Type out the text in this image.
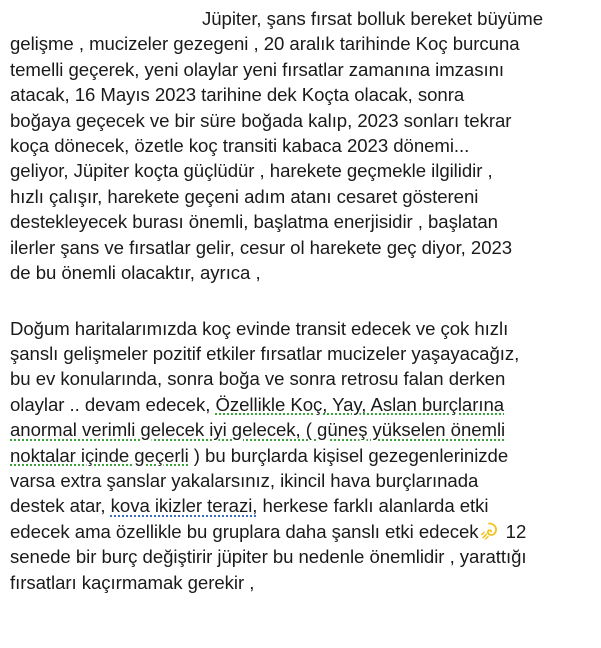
Jüpiter, şans fırsat bolluk bereket büyüme
gelişme , mucizeler gezegeni , 20 aralık tarihinde Koç burcuna
temelli geçerek, yeni olaylar yeni fırsatlar zamanına imzasını
atacak, 16 Mayıs 2023 tarihine dek Koçta olacak, sonra
boğaya geçecek ve bir süre boğada kalıp, 2023 sonları tekrar
koça dönecek, özetle koç transiti kabaca 2023 dönemi...
geliyor, Jüpiter koçta güçlüdür , harekete geçmekle ilgilidir ,
hızlı çalışır, harekete geçeni adım atanı cesaret göstereni
destekleyecek burası önemli, başlatma enerjisidir , başlatan
ilerler şans ve fırsatlar gelir, cesur ol harekete geç diyor, 2023
de bu önemli olacaktır, ayrıca ,
Doğum haritalarımızda koç evinde transit edecek ve çok hızlı
şanslı gelişmeler pozitif etkiler fırsatlar mucizeler yaşayacağız,
bu ev konularında, sonra boğa ve sonra retrosu falan derken
olaylar .. devam edecek, Özellikle Koç, Yay, Aslan burçlarına
anormal verimli gelecek iyi gelecek, ( güneş yükselen önemli
noktalar içinde geçerli ) bu burçlarda kişisel gezegenlerinizde
varsa extra şanslar yakalarsınız, ikincil hava burçlarınada
destek atar, kova ikizler terazi, herkese farklı alanlarda etki
edecek ama özellikle bu gruplara daha şanslı etki edecek 12
senede bir burç değiştirir jüpiter bu nedenle önemlidir , yarattığı
fırsatları kaçırmamak gerekir ,
